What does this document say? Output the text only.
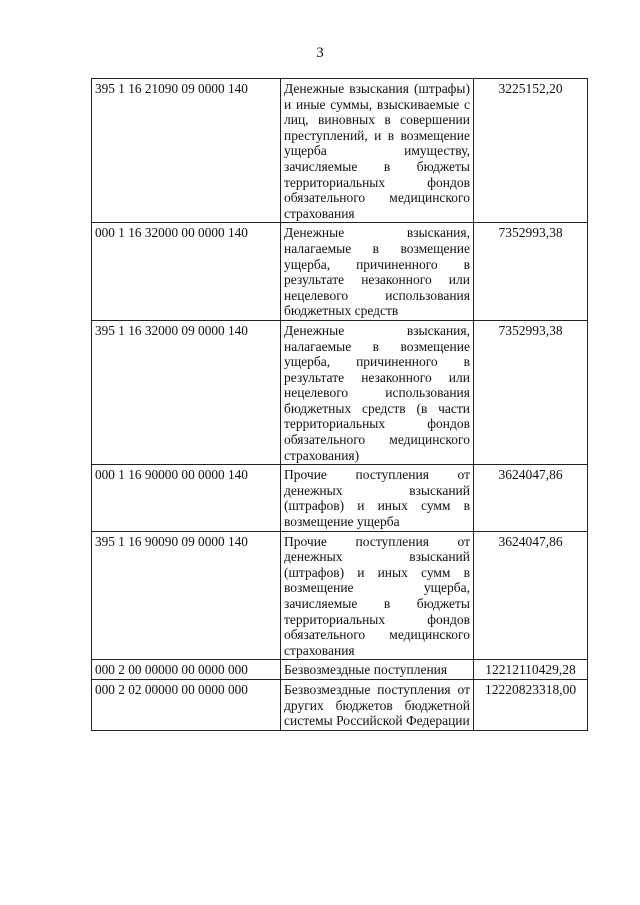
3
395 1 16 21090 09 0000 140	Денежные взыскания (штрафы) и иные суммы, взыскиваемые с лиц, виновных в совершении преступлений, и в возмещение ущерба имуществу, зачисляемые в бюджеты территориальных фондов обязательного медицинского страхования	3225152,20
000 1 16 32000 00 0000 140	Денежные взыскания, налагаемые в возмещение ущерба, причиненного в результате незаконного или нецелевого использования бюджетных средств	7352993,38
395 1 16 32000 09 0000 140	Денежные взыскания, налагаемые в возмещение ущерба, причиненного в результате незаконного или нецелевого использования бюджетных средств (в части территориальных фондов обязательного медицинского страхования)	7352993,38
000 1 16 90000 00 0000 140	Прочие поступления от денежных взысканий (штрафов) и иных сумм в возмещение ущерба	3624047,86
395 1 16 90090 09 0000 140	Прочие поступления от денежных взысканий (штрафов) и иных сумм в возмещение ущерба, зачисляемые в бюджеты территориальных фондов обязательного медицинского страхования	3624047,86
000 2 00 00000 00 0000 000	Безвозмездные поступления	12212110429,28
000 2 02 00000 00 0000 000	Безвозмездные поступления от других бюджетов бюджетной системы Российской Федерации	12220823318,00
